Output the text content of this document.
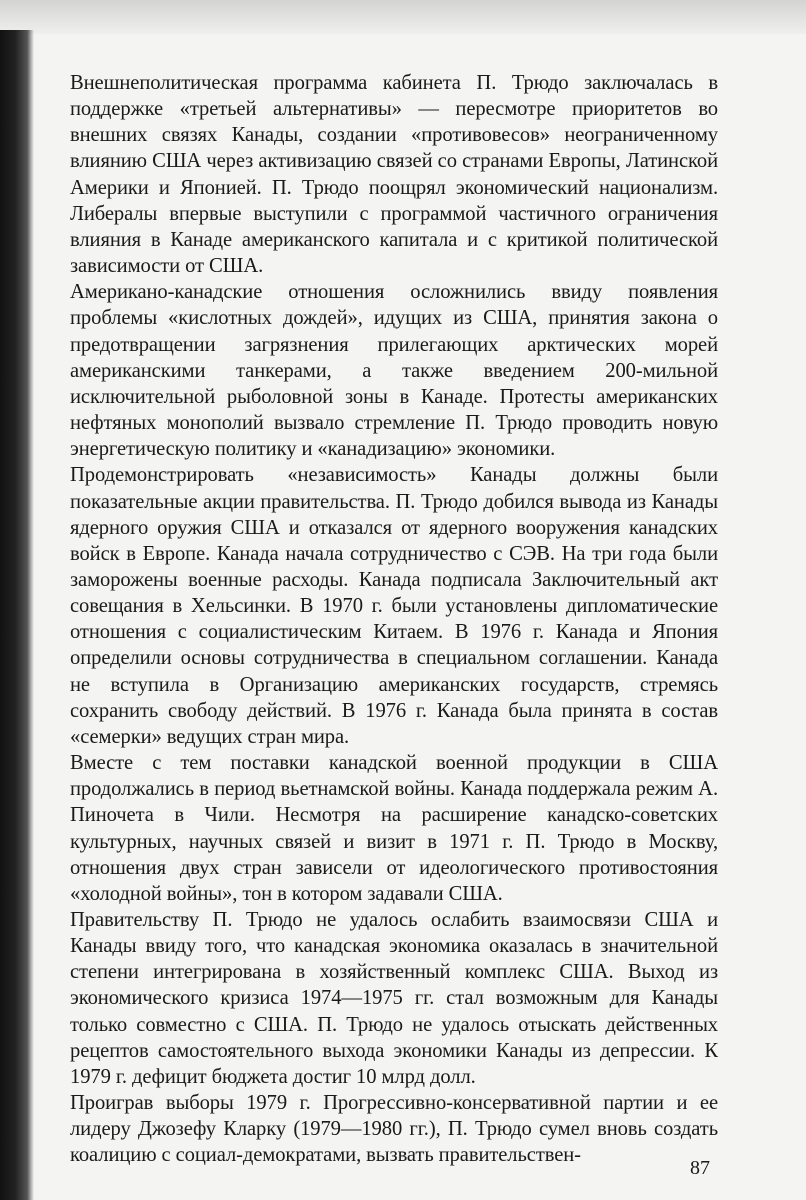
Внешнеполитическая программа кабинета П. Трюдо заключалась в поддержке «третьей альтернативы» — пересмотре приоритетов во внешних связях Канады, создании «противовесов» неограниченному влиянию США через активизацию связей со странами Европы, Латинской Америки и Японией. П. Трюдо поощрял экономический национализм. Либералы впервые выступили с программой частичного ограничения влияния в Канаде американского капитала и с критикой политической зависимости от США.

Американо-канадские отношения осложнились ввиду появления проблемы «кислотных дождей», идущих из США, принятия закона о предотвращении загрязнения прилегающих арктических морей американскими танкерами, а также введением 200-мильной исключительной рыболовной зоны в Канаде. Протесты американских нефтяных монополий вызвало стремление П. Трюдо проводить новую энергетическую политику и «канадизацию» экономики.

Продемонстрировать «независимость» Канады должны были показательные акции правительства. П. Трюдо добился вывода из Канады ядерного оружия США и отказался от ядерного вооружения канадских войск в Европе. Канада начала сотрудничество с СЭВ. На три года были заморожены военные расходы. Канада подписала Заключительный акт совещания в Хельсинки. В 1970 г. были установлены дипломатические отношения с социалистическим Китаем. В 1976 г. Канада и Япония определили основы сотрудничества в специальном соглашении. Канада не вступила в Организацию американских государств, стремясь сохранить свободу действий. В 1976 г. Канада была принята в состав «семерки» ведущих стран мира.

Вместе с тем поставки канадской военной продукции в США продолжались в период вьетнамской войны. Канада поддержала режим А. Пиночета в Чили. Несмотря на расширение канадско-советских культурных, научных связей и визит в 1971 г. П. Трюдо в Москву, отношения двух стран зависели от идеологического противостояния «холодной войны», тон в котором задавали США.

Правительству П. Трюдо не удалось ослабить взаимосвязи США и Канады ввиду того, что канадская экономика оказалась в значительной степени интегрирована в хозяйственный комплекс США. Выход из экономического кризиса 1974—1975 гг. стал возможным для Канады только совместно с США. П. Трюдо не удалось отыскать действенных рецептов самостоятельного выхода экономики Канады из депрессии. К 1979 г. дефицит бюджета достиг 10 млрд долл.

Проиграв выборы 1979 г. Прогрессивно-консервативной партии и ее лидеру Джозефу Кларку (1979—1980 гг.), П. Трюдо сумел вновь создать коалицию с социал-демократами, вызвать правительствен-

87
